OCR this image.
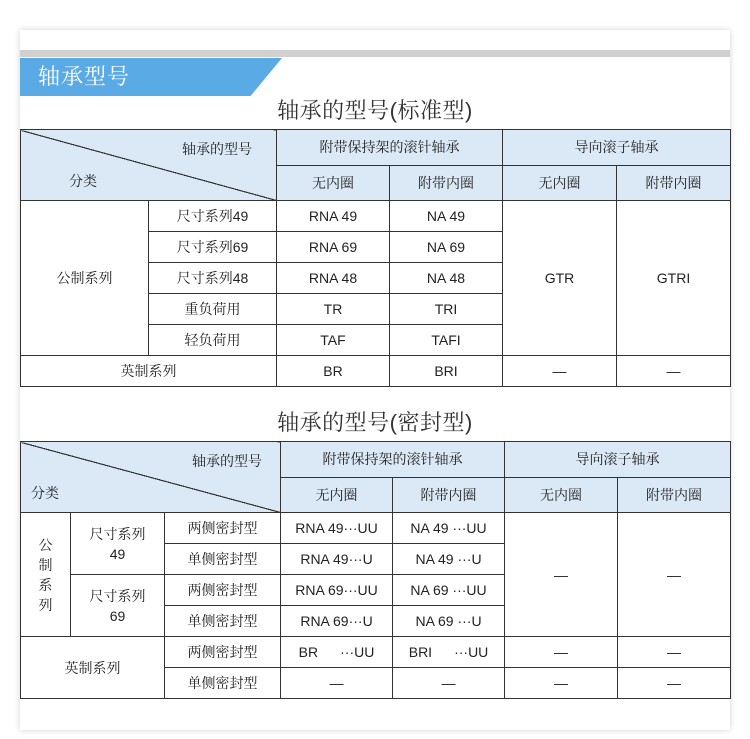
轴承型号
轴承的型号(标准型)
轴承的型号
分类		附带保持架的滚针轴承		导向滚子轴承	
		无内圈	附带内圈	无内圈	附带内圈
公制系列	尺寸系列49	RNA 49	NA 49	GTR	GTRI
	尺寸系列69	RNA 69	NA 69		
	尺寸系列48	RNA 48	NA 48		
	重负荷用	TR	TRI		
	轻负荷用	TAF	TAFI		
英制系列		BR	BRI	—	—
轴承的型号(密封型)
轴承的型号
分类			附带保持架的滚针轴承		导向滚子轴承	
			无内圈	附带内圈	无内圈	附带内圈

公制系列	尺寸系列49	两侧密封型	RNA 49···UU	NA 49 ···UU	—	—
		单侧密封型	RNA 49···U	NA 49 ···U		

	尺寸系列69	两侧密封型	RNA 69···UU	NA 69 ···UU		
		单侧密封型	RNA 69···U	NA 69 ···U		
英制系列		两侧密封型	BR ···UU	BRI ···UU	—	—
		单侧密封型	—	—	—	—
